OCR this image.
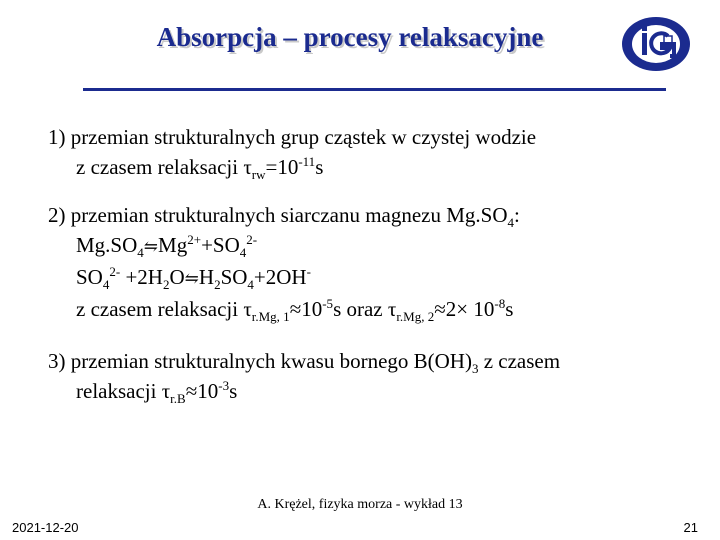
Absorpcja – procesy relaksacyjne
1) przemian strukturalnych grup cząstek w czystej wodzie
z czasem relaksacji $\tau_{rw}=10^{-11}s$
2) przemian strukturalnych siarczanu magnezu $Mg.SO_4$:
$Mg.SO_4⇋Mg^{2+}+SO_4^{2-}$
$SO_4^{2-}$ $+2H_2O⇋H_2SO_4+2OH^-$
z czasem relaksacji $\tau_{r.Mg, 1}\approx 10^{-5}s$ oraz $\tau_{r.Mg, 2}\approx 2\times 10^{-8}s$
3) przemian strukturalnych kwasu bornego $B(OH)_3$ z czasem
relaksacji $\tau_{r.B}\approx 10^{-3}s$
A. Krężel, fizyka morza - wykład 13
2021-12-20	21
